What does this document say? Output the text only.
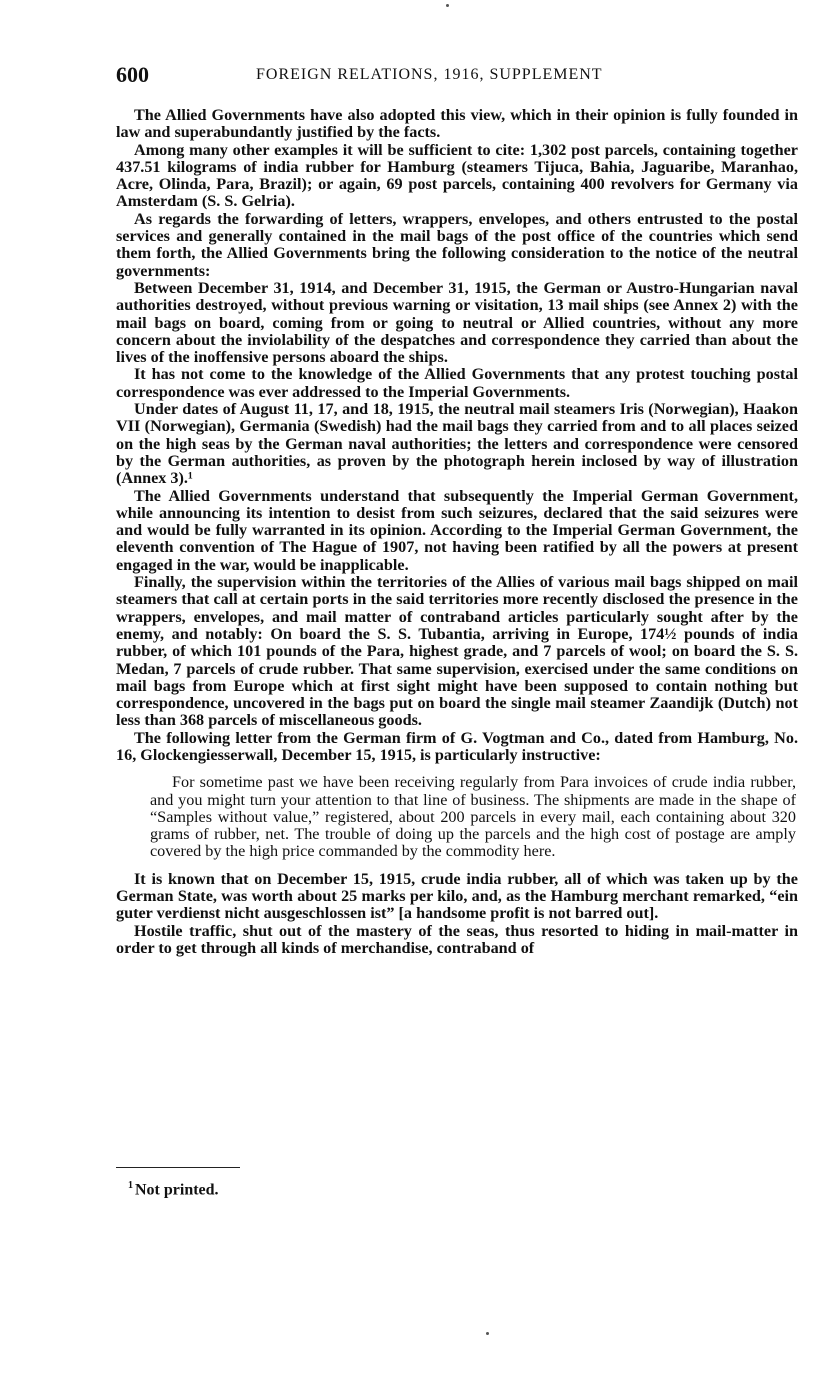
600	FOREIGN RELATIONS, 1916, SUPPLEMENT

The Allied Governments have also adopted this view, which in their opinion is fully founded in law and superabundantly justified by the facts.

Among many other examples it will be sufficient to cite: 1,302 post parcels, containing together 437.51 kilograms of india rubber for Hamburg (steamers Tijuca, Bahia, Jaguaribe, Maranhao, Acre, Olinda, Para, Brazil); or again, 69 post parcels, containing 400 revolvers for Germany via Amsterdam (S. S. Gelria).

As regards the forwarding of letters, wrappers, envelopes, and others entrusted to the postal services and generally contained in the mail bags of the post office of the countries which send them forth, the Allied Governments bring the following consideration to the notice of the neutral governments:

Between December 31, 1914, and December 31, 1915, the German or Austro-Hungarian naval authorities destroyed, without previous warning or visitation, 13 mail ships (see Annex 2) with the mail bags on board, coming from or going to neutral or Allied countries, without any more concern about the inviolability of the despatches and correspondence they carried than about the lives of the inoffensive persons aboard the ships.

It has not come to the knowledge of the Allied Governments that any protest touching postal correspondence was ever addressed to the Imperial Governments.

Under dates of August 11, 17, and 18, 1915, the neutral mail steamers Iris (Norwegian), Haakon VII (Norwegian), Germania (Swedish) had the mail bags they carried from and to all places seized on the high seas by the German naval authorities; the letters and correspondence were censored by the German authorities, as proven by the photograph herein inclosed by way of illustration (Annex 3).¹

The Allied Governments understand that subsequently the Imperial German Government, while announcing its intention to desist from such seizures, declared that the said seizures were and would be fully warranted in its opinion. According to the Imperial German Government, the eleventh convention of The Hague of 1907, not having been ratified by all the powers at present engaged in the war, would be inapplicable.

Finally, the supervision within the territories of the Allies of various mail bags shipped on mail steamers that call at certain ports in the said territories more recently disclosed the presence in the wrappers, envelopes, and mail matter of contraband articles particularly sought after by the enemy, and notably: On board the S. S. Tubantia, arriving in Europe, 174½ pounds of india rubber, of which 101 pounds of the Para, highest grade, and 7 parcels of wool; on board the S. S. Medan, 7 parcels of crude rubber. That same supervision, exercised under the same conditions on mail bags from Europe which at first sight might have been supposed to contain nothing but correspondence, uncovered in the bags put on board the single mail steamer Zaandijk (Dutch) not less than 368 parcels of miscellaneous goods.

The following letter from the German firm of G. Vogtman and Co., dated from Hamburg, No. 16, Glockengiesserwall, December 15, 1915, is particularly instructive:

For sometime past we have been receiving regularly from Para invoices of crude india rubber, and you might turn your attention to that line of business. The shipments are made in the shape of “Samples without value,” registered, about 200 parcels in every mail, each containing about 320 grams of rubber, net. The trouble of doing up the parcels and the high cost of postage are amply covered by the high price commanded by the commodity here.

It is known that on December 15, 1915, crude india rubber, all of which was taken up by the German State, was worth about 25 marks per kilo, and, as the Hamburg merchant remarked, “ein guter verdienst nicht ausgeschlossen ist” [a handsome profit is not barred out].

Hostile traffic, shut out of the mastery of the seas, thus resorted to hiding in mail-matter in order to get through all kinds of merchandise, contraband of

$^1$ Not printed.
